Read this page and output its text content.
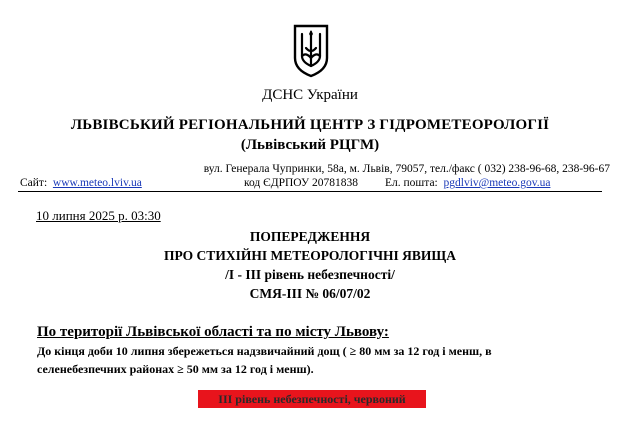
ДСНС України
ЛЬВІВСЬКИЙ РЕГІОНАЛЬНИЙ ЦЕНТР З ГІДРОМЕТЕОРОЛОГІЇ
(Львівський РЦГМ)
вул. Генерала Чупринки, 58а, м. Львів, 79057, тел./факс ( 032) 238-96-68, 238-96-67
Сайт: www.meteo.lviv.ua	код ЄДРПОУ 20781838 Ел. пошта: pgdlviv@meteo.gov.ua
10 липня 2025 р. 03:30
ПОПЕРЕДЖЕННЯ
ПРО СТИХІЙНІ МЕТЕОРОЛОГІЧНІ ЯВИЩА
/І - ІІІ рівень небезпечності/
СМЯ-ІІІ № 06/07/02
По території Львівської області та по місту Львову:
До кінця доби 10 липня збережеться надзвичайний дощ ( ≥ 80 мм за 12 год і менш, в
селенебезпечних районах ≥ 50 мм за 12 год і менш).
ІІІ рівень небезпечності, червоний
